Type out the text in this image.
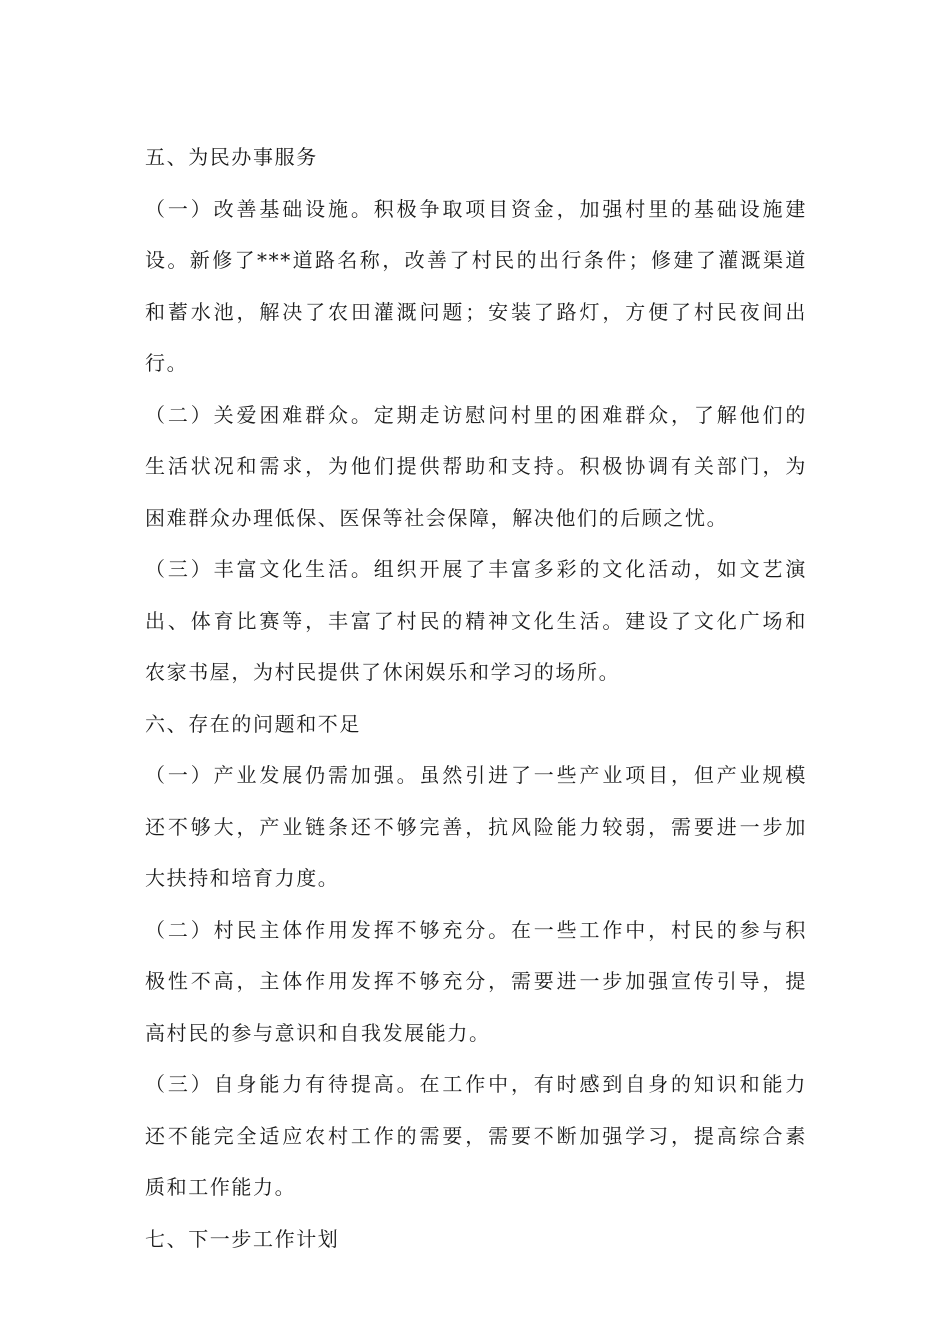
五、为民办事服务
（一）改善基础设施。积极争取项目资金，加强村里的基础设施建
设。新修了***道路名称，改善了村民的出行条件；修建了灌溉渠道
和蓄水池，解决了农田灌溉问题；安装了路灯，方便了村民夜间出
行。
（二）关爱困难群众。定期走访慰问村里的困难群众，了解他们的
生活状况和需求，为他们提供帮助和支持。积极协调有关部门，为
困难群众办理低保、医保等社会保障，解决他们的后顾之忧。
（三）丰富文化生活。组织开展了丰富多彩的文化活动，如文艺演
出、体育比赛等，丰富了村民的精神文化生活。建设了文化广场和
农家书屋，为村民提供了休闲娱乐和学习的场所。
六、存在的问题和不足
（一）产业发展仍需加强。虽然引进了一些产业项目，但产业规模
还不够大，产业链条还不够完善，抗风险能力较弱，需要进一步加
大扶持和培育力度。
（二）村民主体作用发挥不够充分。在一些工作中，村民的参与积
极性不高，主体作用发挥不够充分，需要进一步加强宣传引导，提
高村民的参与意识和自我发展能力。
（三）自身能力有待提高。在工作中，有时感到自身的知识和能力
还不能完全适应农村工作的需要，需要不断加强学习，提高综合素
质和工作能力。
七、下一步工作计划
